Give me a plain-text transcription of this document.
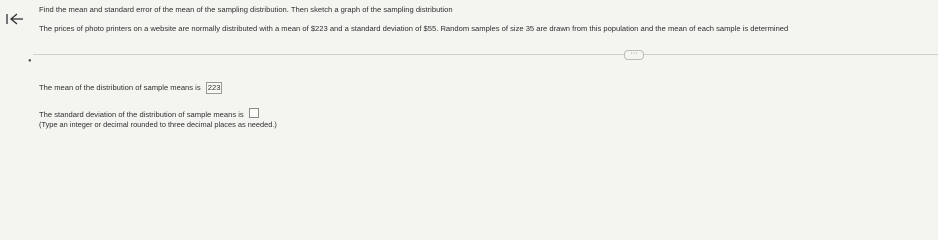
Find the mean and standard error of the mean of the sampling distribution. Then sketch a graph of the sampling distribution
The prices of photo printers on a website are normally distributed with a mean of $223 and a standard deviation of $55. Random samples of size 35 are drawn from this population and the mean of each sample is determined
···
●
The mean of the distribution of sample means is 223
The standard deviation of the distribution of sample means is
(Type an integer or decimal rounded to three decimal places as needed.)
